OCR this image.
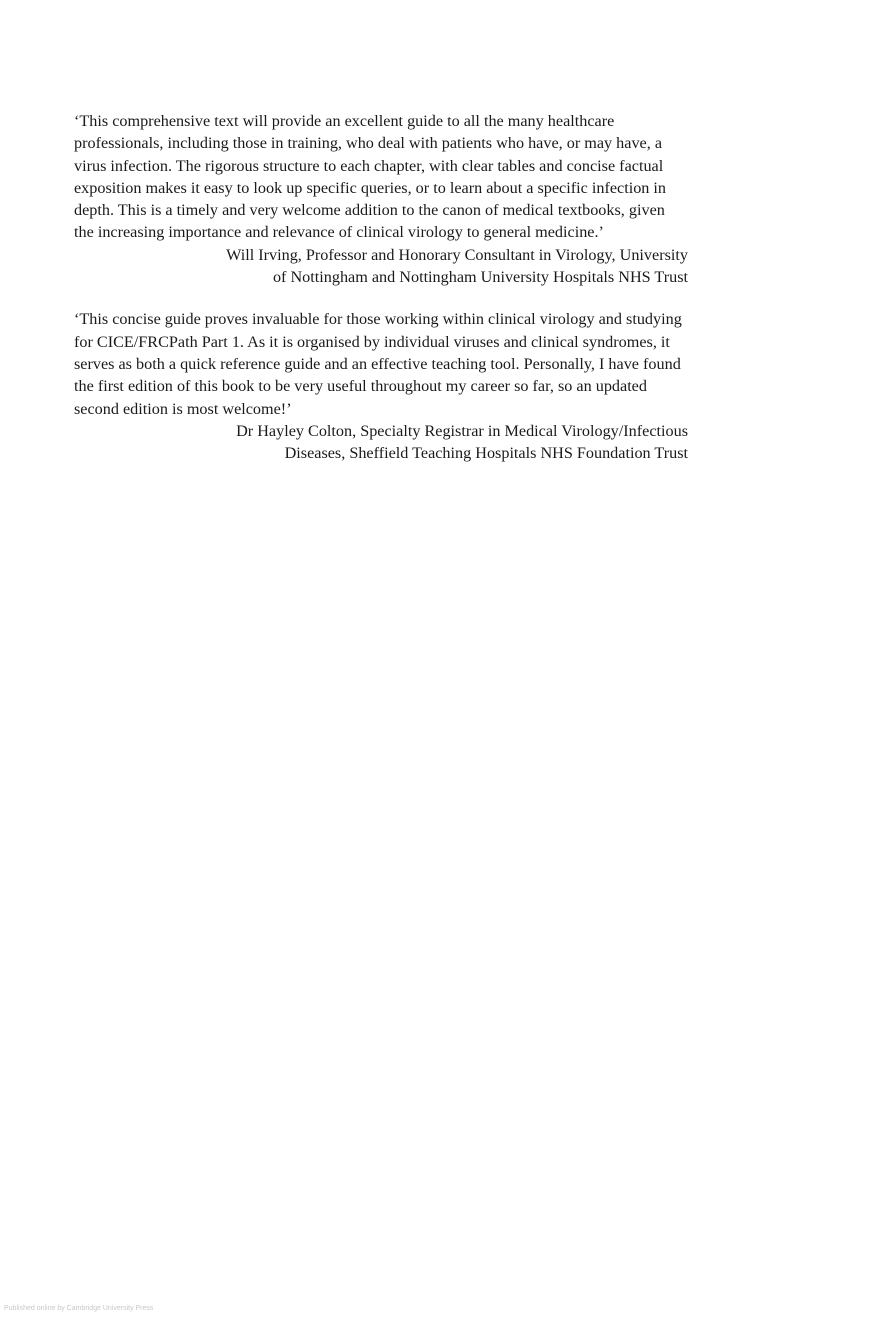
‘This comprehensive text will provide an excellent guide to all the many healthcare professionals, including those in training, who deal with patients who have, or may have, a virus infection. The rigorous structure to each chapter, with clear tables and concise factual exposition makes it easy to look up specific queries, or to learn about a specific infection in depth. This is a timely and very welcome addition to the canon of medical textbooks, given the increasing importance and relevance of clinical virology to general medicine.’

Will Irving, Professor and Honorary Consultant in Virology, University
of Nottingham and Nottingham University Hospitals NHS Trust

‘This concise guide proves invaluable for those working within clinical virology and studying for CICE/FRCPath Part 1. As it is organised by individual viruses and clinical syndromes, it serves as both a quick reference guide and an effective teaching tool. Personally, I have found the first edition of this book to be very useful throughout my career so far, so an updated second edition is most welcome!’

Dr Hayley Colton, Specialty Registrar in Medical Virology/Infectious
Diseases, Sheffield Teaching Hospitals NHS Foundation Trust
Published online by Cambridge University Press
